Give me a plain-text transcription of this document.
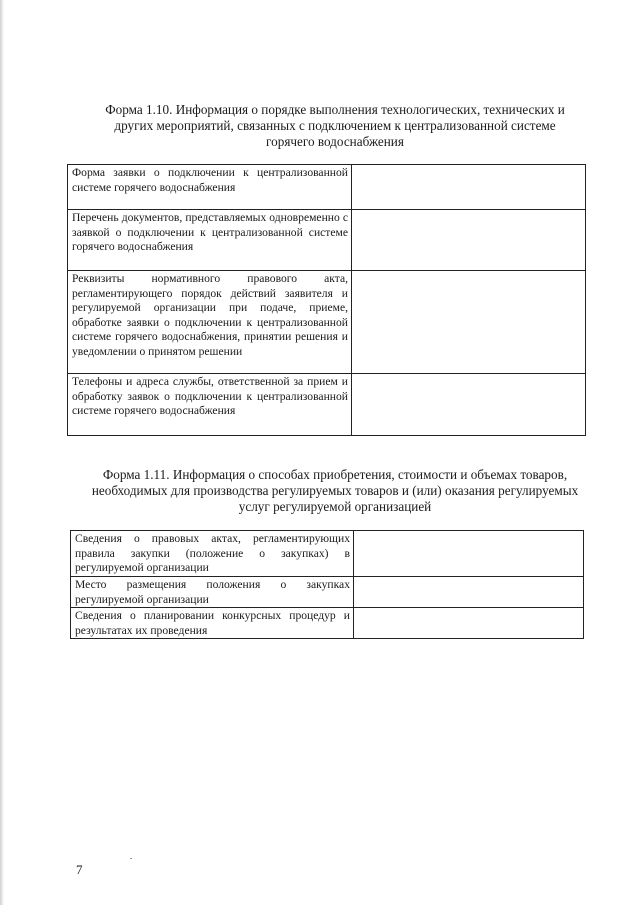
Форма 1.10. Информация о порядке выполнения технологических, технических и
других мероприятий, связанных с подключением к централизованной системе
горячего водоснабжения
Форма заявки о подключении к централизованной системе горячего водоснабжения	
Перечень документов, представляемых одновременно с заявкой о подключении к централизованной системе горячего водоснабжения	
Реквизиты нормативного правового акта, регламентирующего порядок действий заявителя и регулируемой организации при подаче, приеме, обработке заявки о подключении к централизованной системе горячего водоснабжения, принятии решения и уведомлении о принятом решении	
Телефоны и адреса службы, ответственной за прием и обработку заявок о подключении к централизованной системе горячего водоснабжения	
Форма 1.11. Информация о способах приобретения, стоимости и объемах товаров,
необходимых для производства регулируемых товаров и (или) оказания регулируемых
услуг регулируемой организацией
Сведения о правовых актах, регламентирующих правила закупки (положение о закупках) в регулируемой организации	
Место размещения положения о закупках регулируемой организации	
Сведения о планировании конкурсных процедур и результатах их проведения	
7
